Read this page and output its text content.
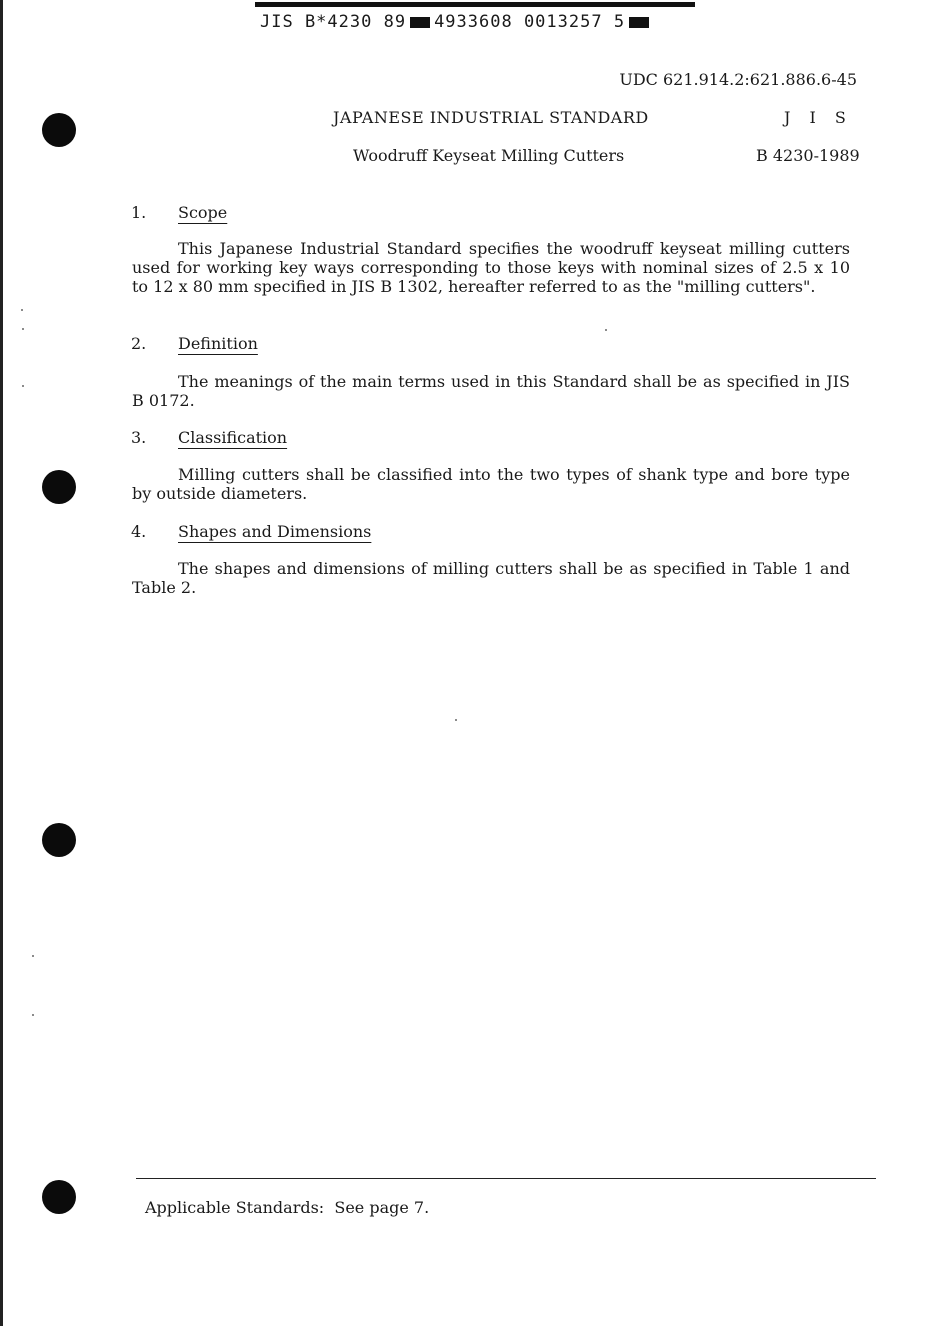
JIS B*4230 89 4933608 0013257 5
UDC 621.914.2:621.886.6-45
JAPANESE INDUSTRIAL STANDARD	J I S
Woodruff Keyseat Milling Cutters	B 4230-1989
1. Scope
This Japanese Industrial Standard specifies the woodruff keyseat milling cutters used for working key ways corresponding to those keys with nominal sizes of 2.5 x 10 to 12 x 80 mm specified in JIS B 1302, hereafter referred to as the "milling cutters".
2. Definition
The meanings of the main terms used in this Standard shall be as specified in JIS B 0172.
3. Classification
Milling cutters shall be classified into the two types of shank type and bore type by outside diameters.
4. Shapes and Dimensions
The shapes and dimensions of milling cutters shall be as specified in Table 1 and Table 2.
Applicable Standards:  See page 7.
